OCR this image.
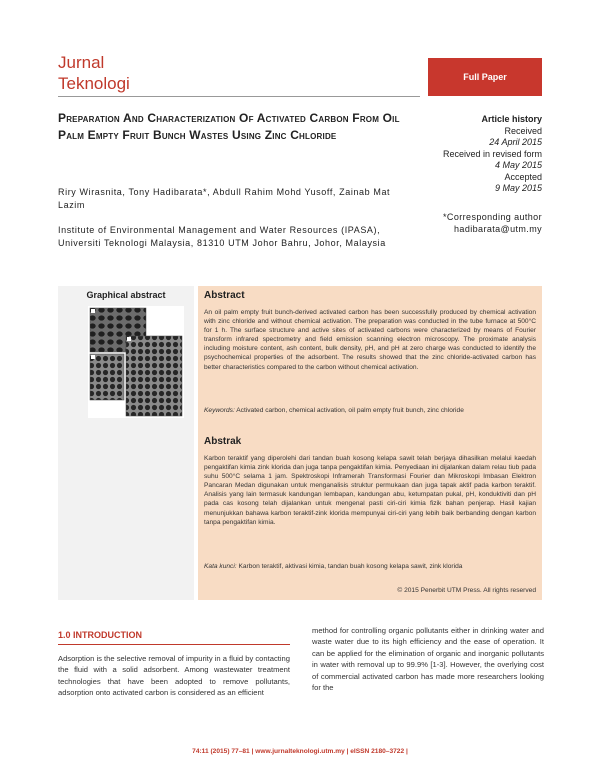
Jurnal
Teknologi	Full Paper
Preparation And Characterization Of Activated Carbon From Oil Palm Empty Fruit Bunch Wastes Using Zinc Chloride
Article history
Received
24 April 2015
Received in revised form
4 May 2015
Accepted
9 May 2015
Riry Wirasnita, Tony Hadibarata*, Abdull Rahim Mohd Yusoff, Zainab Mat Lazim
Institute of Environmental Management and Water Resources (IPASA), Universiti Teknologi Malaysia, 81310 UTM Johor Bahru, Johor, Malaysia
*Corresponding author
hadibarata@utm.my
Graphical abstract	Abstract
An oil palm empty fruit bunch-derived activated carbon has been successfully produced by chemical activation with zinc chloride and without chemical activation. The preparation was conducted in the tube furnace at 500°C for 1 h. The surface structure and active sites of activated carbons were characterized by means of Fourier transform infrared spectrometry and field emission scanning electron microscopy. The proximate analysis including moisture content, ash content, bulk density, pH, and pH at zero charge was conducted to identify the psychochemical properties of the adsorbent. The results showed that the zinc chloride-activated carbon has better characteristics compared to the carbon without chemical activation.
Keywords: Activated carbon, chemical activation, oil palm empty fruit bunch, zinc chloride
Abstrak
Karbon teraktif yang diperolehi dari tandan buah kosong kelapa sawit telah berjaya dihasilkan melalui kaedah pengaktifan kimia zink klorida dan juga tanpa pengaktifan kimia. Penyediaan ini dijalankan dalam relau tiub pada suhu 500°C selama 1 jam. Spektroskopi Inframerah Transformasi Fourier dan Mikroskopi Imbasan Elektron Pancaran Medan digunakan untuk menganalisis struktur permukaan dan juga tapak aktif pada karbon teraktif. Analisis yang lain termasuk kandungan lembapan, kandungan abu, ketumpatan pukal, pH, konduktiviti dan pH pada cas kosong telah dijalankan untuk mengenal pasti ciri-ciri kimia fizik bahan penjerap. Hasil kajian menunjukkan bahawa karbon teraktif-zink klorida mempunyai ciri-ciri yang lebih baik berbanding dengan karbon tanpa pengaktifan kimia.
Kata kunci: Karbon teraktif, aktivasi kimia, tandan buah kosong kelapa sawit, zink klorida
© 2015 Penerbit UTM Press. All rights reserved
1.0 INTRODUCTION
Adsorption is the selective removal of impurity in a fluid by contacting the fluid with a solid adsorbent. Among wastewater treatment technologies that have been adopted to remove pollutants, adsorption onto activated carbon is considered as an efficient
method for controlling organic pollutants either in drinking water and waste water due to its high efficiency and the ease of operation. It can be applied for the elimination of organic and inorganic pollutants in water with removal up to 99.9% [1-3]. However, the overlying cost of commercial activated carbon has made more researchers looking for the
74:11 (2015) 77–81 | www.jurnalteknologi.utm.my | eISSN 2180–3722 |
